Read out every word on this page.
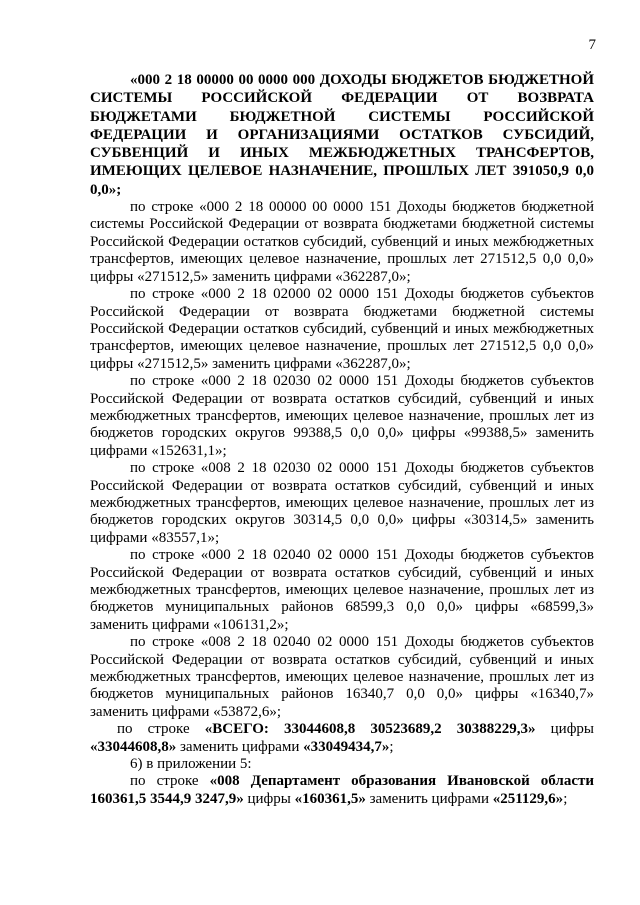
7

«000 2 18 00000 00 0000 000 ДОХОДЫ БЮДЖЕТОВ БЮДЖЕТНОЙ СИСТЕМЫ РОССИЙСКОЙ ФЕДЕРАЦИИ ОТ ВОЗВРАТА БЮДЖЕТАМИ БЮДЖЕТНОЙ СИСТЕМЫ РОССИЙСКОЙ ФЕДЕРАЦИИ И ОРГАНИЗАЦИЯМИ ОСТАТКОВ СУБСИДИЙ, СУБВЕНЦИЙ И ИНЫХ МЕЖБЮДЖЕТНЫХ ТРАНСФЕРТОВ, ИМЕЮЩИХ ЦЕЛЕВОЕ НАЗНАЧЕНИЕ, ПРОШЛЫХ ЛЕТ 391050,9 0,0 0,0»;

по строке «000 2 18 00000 00 0000 151 Доходы бюджетов бюджетной системы Российской Федерации от возврата бюджетами бюджетной системы Российской Федерации остатков субсидий, субвенций и иных межбюджетных трансфертов, имеющих целевое назначение, прошлых лет 271512,5 0,0 0,0» цифры «271512,5» заменить цифрами «362287,0»;

по строке «000 2 18 02000 02 0000 151 Доходы бюджетов субъектов Российской Федерации от возврата бюджетами бюджетной системы Российской Федерации остатков субсидий, субвенций и иных межбюджетных трансфертов, имеющих целевое назначение, прошлых лет 271512,5 0,0 0,0» цифры «271512,5» заменить цифрами «362287,0»;

по строке «000 2 18 02030 02 0000 151 Доходы бюджетов субъектов Российской Федерации от возврата остатков субсидий, субвенций и иных межбюджетных трансфертов, имеющих целевое назначение, прошлых лет из бюджетов городских округов 99388,5 0,0 0,0» цифры «99388,5» заменить цифрами «152631,1»;

по строке «008 2 18 02030 02 0000 151 Доходы бюджетов субъектов Российской Федерации от возврата остатков субсидий, субвенций и иных межбюджетных трансфертов, имеющих целевое назначение, прошлых лет из бюджетов городских округов 30314,5 0,0 0,0» цифры «30314,5» заменить цифрами «83557,1»;

по строке «000 2 18 02040 02 0000 151 Доходы бюджетов субъектов Российской Федерации от возврата остатков субсидий, субвенций и иных межбюджетных трансфертов, имеющих целевое назначение, прошлых лет из бюджетов муниципальных районов 68599,3 0,0 0,0» цифры «68599,3» заменить цифрами «106131,2»;

по строке «008 2 18 02040 02 0000 151 Доходы бюджетов субъектов Российской Федерации от возврата остатков субсидий, субвенций и иных межбюджетных трансфертов, имеющих целевое назначение, прошлых лет из бюджетов муниципальных районов 16340,7 0,0 0,0» цифры «16340,7» заменить цифрами «53872,6»;

по строке «ВСЕГО: 33044608,8 30523689,2 30388229,3» цифры «33044608,8» заменить цифрами «33049434,7»;

6) в приложении 5:

по строке «008 Департамент образования Ивановской области 160361,5 3544,9 3247,9» цифры «160361,5» заменить цифрами «251129,6»;
